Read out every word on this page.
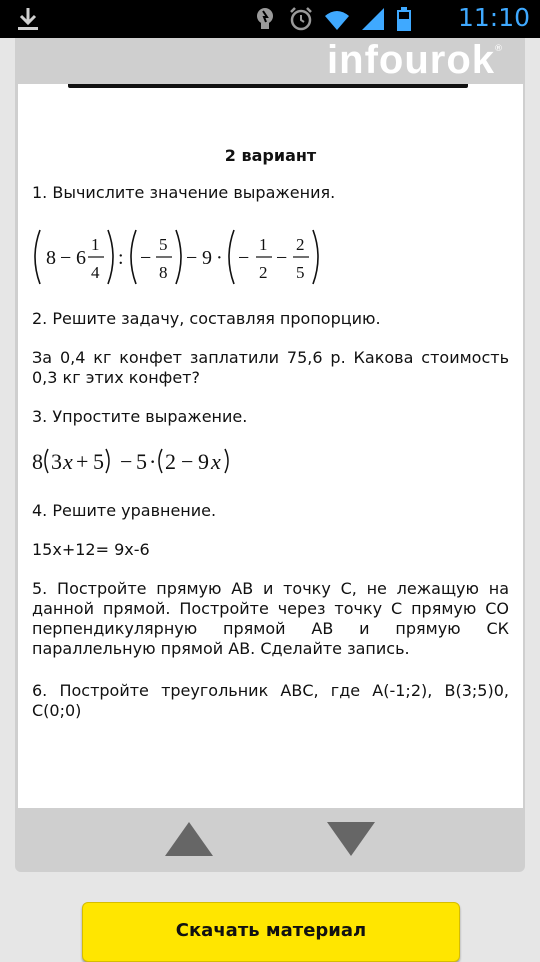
11:10
infourok ®
2 вариант
1. Вычислите значение выражения.
8 − 6
1
4
: −
5
8
− 9 · −
1
2
−
2
5
2. Решите задачу, составляя пропорцию.
За 0,4 кг конфет заплатили 75,6 р. Какова стоимость 0,3 кг этих конфет?
3. Упростите выражение.
8 3 x + 5 − 5 · 2 − 9 x
4. Решите уравнение.
15x+12= 9x-6
5. Постройте прямую АВ и точку С, не лежащую на данной прямой. Постройте через точку С прямую СО перпендикулярную прямой АВ и прямую СК параллельную прямой АВ. Сделайте запись.
6. Постройте треугольник АВС, где А(-1;2), В(3;5)0, С(0;0)
Скачать материал
